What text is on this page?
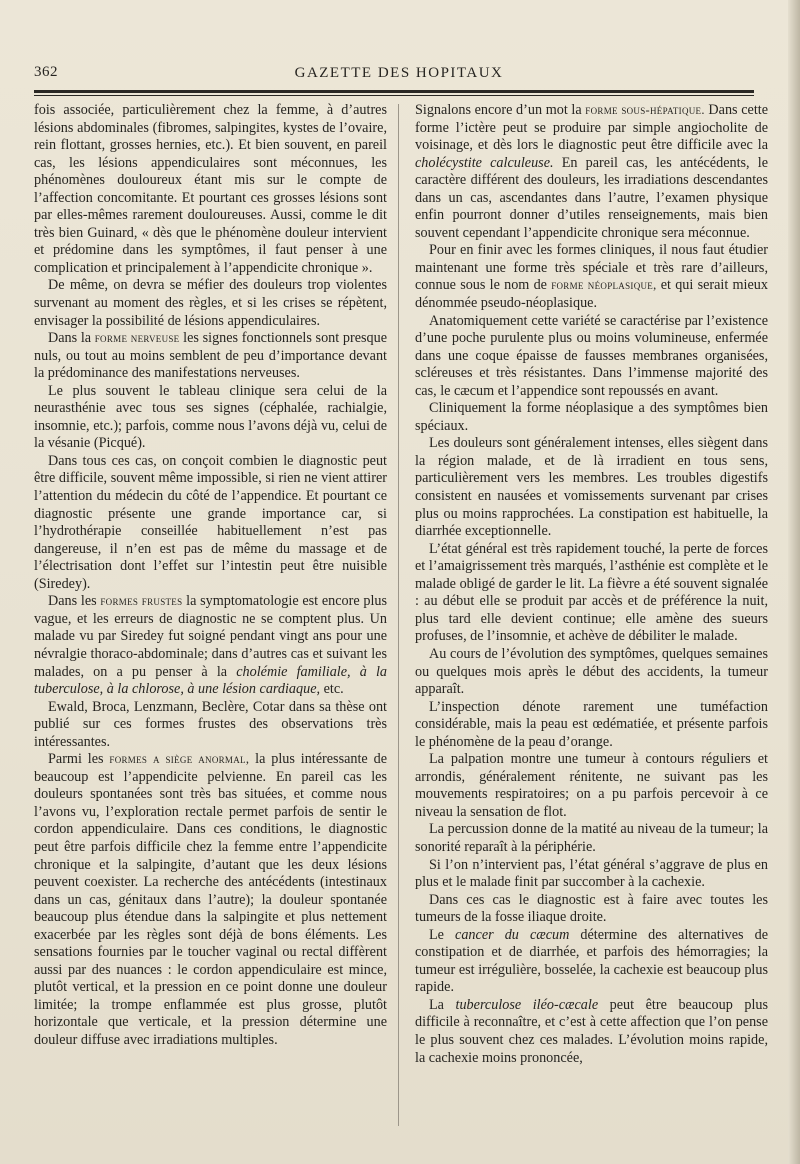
362	GAZETTE DES HOPITAUX

fois associée, particulièrement chez la femme, à d’autres lésions abdominales (fibromes, salpingites, kystes de l’ovaire, rein flottant, grosses hernies, etc.). Et bien souvent, en pareil cas, les lésions appendiculaires sont méconnues, les phénomènes douloureux étant mis sur le compte de l’affection concomitante. Et pourtant ces grosses lésions sont par elles-mêmes rarement douloureuses. Aussi, comme le dit très bien Guinard, « dès que le phénomène douleur intervient et prédomine dans les symptômes, il faut penser à une complication et principalement à l’appendicite chronique ».

De même, on devra se méfier des douleurs trop violentes survenant au moment des règles, et si les crises se répètent, envisager la possibilité de lésions appendiculaires.

Dans la forme nerveuse les signes fonctionnels sont presque nuls, ou tout au moins semblent de peu d’importance devant la prédominance des manifestations nerveuses.

Le plus souvent le tableau clinique sera celui de la neurasthénie avec tous ses signes (céphalée, rachialgie, insomnie, etc.); parfois, comme nous l’avons déjà vu, celui de la vésanie (Picqué).

Dans tous ces cas, on conçoit combien le diagnostic peut être difficile, souvent même impossible, si rien ne vient attirer l’attention du médecin du côté de l’appendice. Et pourtant ce diagnostic présente une grande importance car, si l’hydrothérapie conseillée habituellement n’est pas dangereuse, il n’en est pas de même du massage et de l’électrisation dont l’effet sur l’intestin peut être nuisible (Siredey).

Dans les formes frustes la symptomatologie est encore plus vague, et les erreurs de diagnostic ne se comptent plus. Un malade vu par Siredey fut soigné pendant vingt ans pour une névralgie thoraco-abdominale; dans d’autres cas et suivant les malades, on a pu penser à la cholémie familiale, à la tuberculose, à la chlorose, à une lésion cardiaque, etc.

Ewald, Broca, Lenzmann, Beclère, Cotar dans sa thèse ont publié sur ces formes frustes des observations très intéressantes.

Parmi les formes a siège anormal, la plus intéressante de beaucoup est l’appendicite pelvienne. En pareil cas les douleurs spontanées sont très bas situées, et comme nous l’avons vu, l’exploration rectale permet parfois de sentir le cordon appendiculaire. Dans ces conditions, le diagnostic peut être parfois difficile chez la femme entre l’appendicite chronique et la salpingite, d’autant que les deux lésions peuvent coexister. La recherche des antécédents (intestinaux dans un cas, génitaux dans l’autre); la douleur spontanée beaucoup plus étendue dans la salpingite et plus nettement exacerbée par les règles sont déjà de bons éléments. Les sensations fournies par le toucher vaginal ou rectal diffèrent aussi par des nuances : le cordon appendiculaire est mince, plutôt vertical, et la pression en ce point donne une douleur limitée; la trompe enflammée est plus grosse, plutôt horizontale que verticale, et la pression détermine une douleur diffuse avec irradiations multiples.

Signalons encore d’un mot la forme sous-hépatique. Dans cette forme l’ictère peut se produire par simple angiocholite de voisinage, et dès lors le diagnostic peut être difficile avec la cholécystite calculeuse. En pareil cas, les antécédents, le caractère différent des douleurs, les irradiations descendantes dans un cas, ascendantes dans l’autre, l’examen physique enfin pourront donner d’utiles renseignements, mais bien souvent cependant l’appendicite chronique sera méconnue.

Pour en finir avec les formes cliniques, il nous faut étudier maintenant une forme très spéciale et très rare d’ailleurs, connue sous le nom de forme néoplasique, et qui serait mieux dénommée pseudo-néoplasique.

Anatomiquement cette variété se caractérise par l’existence d’une poche purulente plus ou moins volumineuse, enfermée dans une coque épaisse de fausses membranes organisées, scléreuses et très résistantes. Dans l’immense majorité des cas, le cæcum et l’appendice sont repoussés en avant.

Cliniquement la forme néoplasique a des symptômes bien spéciaux.

Les douleurs sont généralement intenses, elles siègent dans la région malade, et de là irradient en tous sens, particulièrement vers les membres. Les troubles digestifs consistent en nausées et vomissements survenant par crises plus ou moins rapprochées. La constipation est habituelle, la diarrhée exceptionnelle.

L’état général est très rapidement touché, la perte de forces et l’amaigrissement très marqués, l’asthénie est complète et le malade obligé de garder le lit. La fièvre a été souvent signalée : au début elle se produit par accès et de préférence la nuit, plus tard elle devient continue; elle amène des sueurs profuses, de l’insomnie, et achève de débiliter le malade.

Au cours de l’évolution des symptômes, quelques semaines ou quelques mois après le début des accidents, la tumeur apparaît.

L’inspection dénote rarement une tuméfaction considérable, mais la peau est œdématiée, et présente parfois le phénomène de la peau d’orange.

La palpation montre une tumeur à contours réguliers et arrondis, généralement rénitente, ne suivant pas les mouvements respiratoires; on a pu parfois percevoir à ce niveau la sensation de flot.

La percussion donne de la matité au niveau de la tumeur; la sonorité reparaît à la périphérie.

Si l’on n’intervient pas, l’état général s’aggrave de plus en plus et le malade finit par succomber à la cachexie.

Dans ces cas le diagnostic est à faire avec toutes les tumeurs de la fosse iliaque droite.

Le cancer du cæcum détermine des alternatives de constipation et de diarrhée, et parfois des hémorragies; la tumeur est irrégulière, bosselée, la cachexie est beaucoup plus rapide.

La tuberculose iléo-cæcale peut être beaucoup plus difficile à reconnaître, et c’est à cette affection que l’on pense le plus souvent chez ces malades. L’évolution moins rapide, la cachexie moins prononcée,
